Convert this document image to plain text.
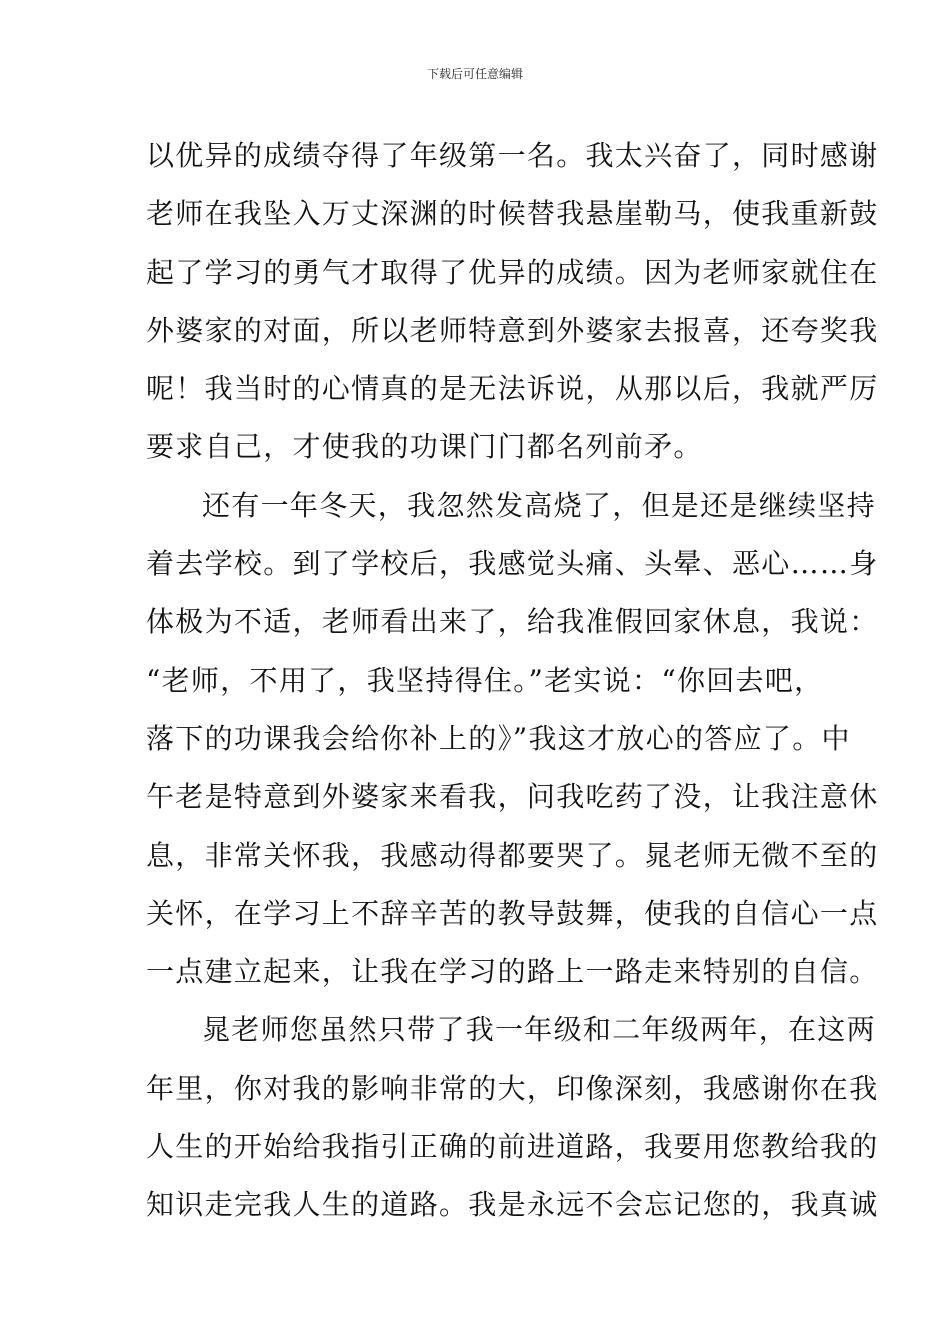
下载后可任意编辑
以优异的成绩夺得了年级第一名。我太兴奋了，同时感谢
老师在我坠入万丈深渊的时候替我悬崖勒马，使我重新鼓
起了学习的勇气才取得了优异的成绩。因为老师家就住在
外婆家的对面，所以老师特意到外婆家去报喜，还夸奖我
呢！我当时的心情真的是无法诉说，从那以后，我就严厉
要求自己，才使我的功课门门都名列前矛。
还有一年冬天，我忽然发高烧了，但是还是继续坚持
着去学校。到了学校后，我感觉头痛、头晕、恶心……身
体极为不适，老师看出来了，给我准假回家休息，我说：
“老师，不用了，我坚持得住。”老实说：“你回去吧，
落下的功课我会给你补上的》”我这才放心的答应了。中
午老是特意到外婆家来看我，问我吃药了没，让我注意休
息，非常关怀我，我感动得都要哭了。晁老师无微不至的
关怀，在学习上不辞辛苦的教导鼓舞，使我的自信心一点
一点建立起来，让我在学习的路上一路走来特别的自信。
晁老师您虽然只带了我一年级和二年级两年，在这两
年里，你对我的影响非常的大，印像深刻，我感谢你在我
人生的开始给我指引正确的前进道路，我要用您教给我的
知识走完我人生的道路。我是永远不会忘记您的，我真诚
